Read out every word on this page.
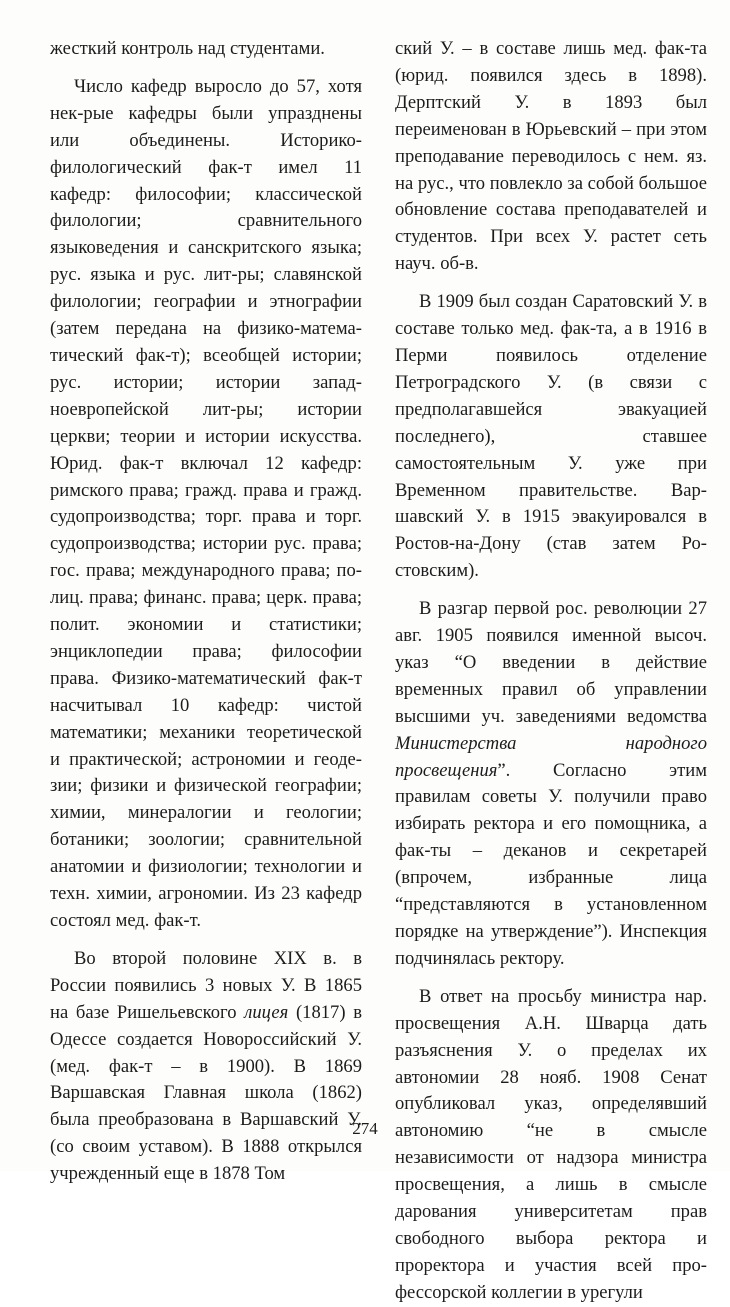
жесткий контроль над студентами.

Число кафедр выросло до 57, хотя нек-рые кафедры были упразднены или объединены. Историко-филологический фак-т имел 11 кафедр: философии; классической филологии; сравнительного языковедения и санскритского языка; рус. языка и рус. лит-ры; славянской филологии; географии и этнографии (затем передана на физико-математический фак-т); всеобщей истории; рус. истории; истории западноевропейской лит-ры; истории церкви; теории и истории искусства. Юрид. фак-т включал 12 кафедр: римского права; гражд. права и гражд. судопроизводства; торг. права и торг. судопроизводства; истории рус. права; гос. права; международного права; полиц. права; финанс. права; церк. права; полит. экономии и статистики; энциклопедии права; философии права. Физико-математический фак-т насчитывал 10 кафедр: чистой математики; механики теоретической и практической; астрономии и геодезии; физики и физической географии; химии, минералогии и геологии; ботаники; зоологии; сравнительной анатомии и физиологии; технологии и техн. химии, агрономии. Из 23 кафедр состоял мед. фак-т.

Во второй половине XIX в. в России появились 3 новых У. В 1865 на базе Ришельевского лицея (1817) в Одессе создается Новороссийский У. (мед. фак-т – в 1900). В 1869 Варшавская Главная школа (1862) была преобразована в Варшавский У. (со своим уставом). В 1888 открылся учрежденный еще в 1878 Том

ский У. – в составе лишь мед. фак-та (юрид. появился здесь в 1898). Дерптский У. в 1893 был переименован в Юрьевский – при этом преподавание переводилось с нем. яз. на рус., что повлекло за собой большое обновление состава преподавателей и студентов. При всех У. растет сеть науч. об-в.

В 1909 был создан Саратовский У. в составе только мед. фак-та, а в 1916 в Перми появилось отделение Петроградского У. (в связи с предполагавшейся эвакуацией последнего), ставшее самостоятельным У. уже при Временном правительстве. Варшавский У. в 1915 эвакуировался в Ростов-на-Дону (став затем Ростовским).

В разгар первой рос. революции 27 авг. 1905 появился именной высоч. указ “О введении в действие временных правил об управлении высшими уч. заведениями ведомства Министерства народного просвещения”. Согласно этим правилам советы У. получили право избирать ректора и его помощника, а фак-ты – деканов и секретарей (впрочем, избранные лица “представляются в установленном порядке на утверждение”). Инспекция подчинялась ректору.

В ответ на просьбу министра нар. просвещения А.Н. Шварца дать разъяснения У. о пределах их автономии 28 нояб. 1908 Сенат опубликовал указ, определявший автономию “не в смысле независимости от надзора министра просвещения, а лишь в смысле дарования университетам прав свободного выбора ректора и проректора и участия всей профессорской коллегии в урегули

274
